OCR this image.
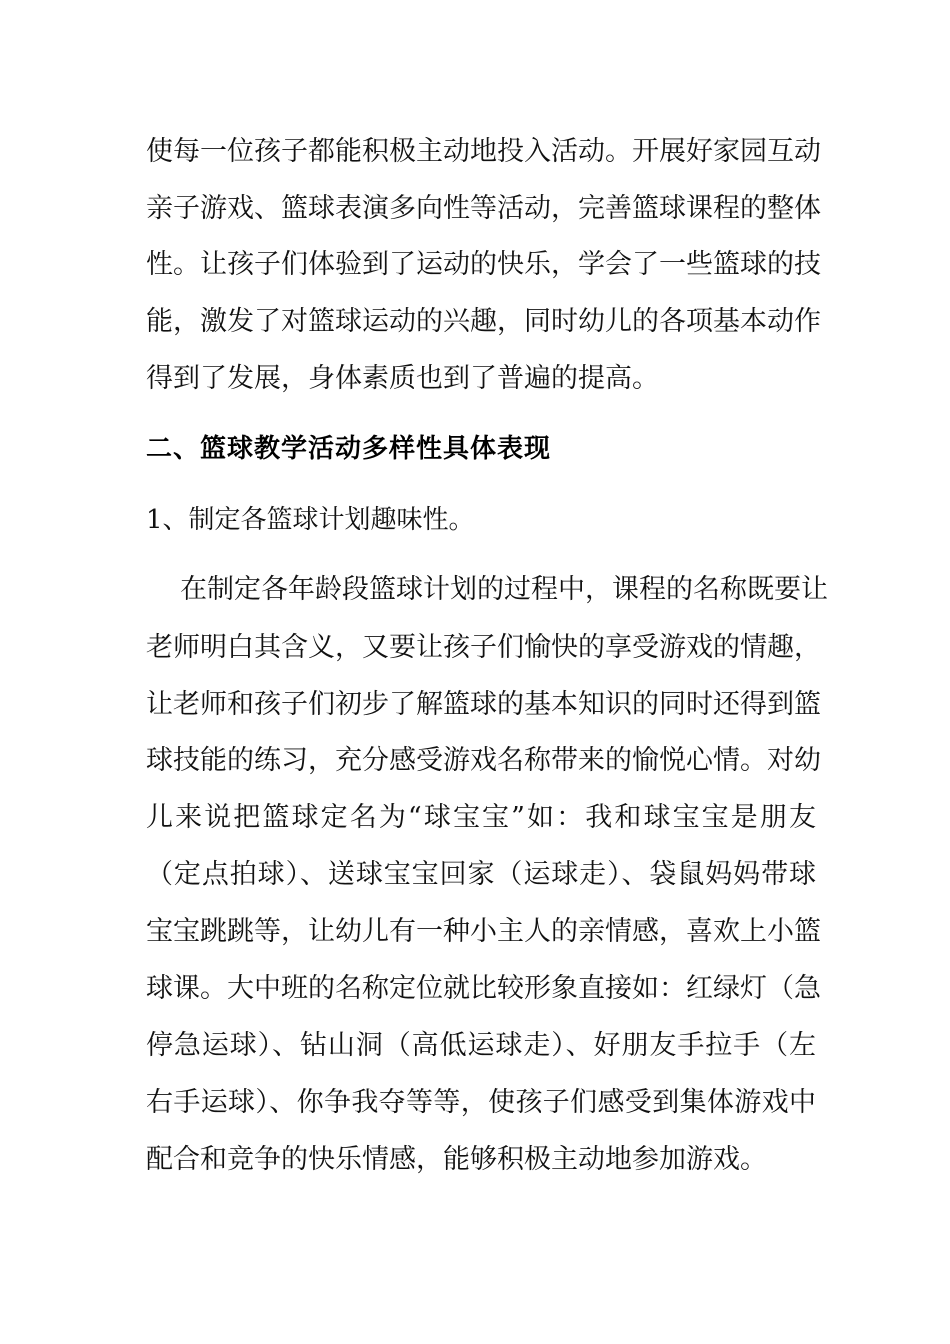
使每一位孩子都能积极主动地投入活动。开展好家园互动
亲子游戏、篮球表演多向性等活动，完善篮球课程的整体
性。让孩子们体验到了运动的快乐，学会了一些篮球的技
能，激发了对篮球运动的兴趣，同时幼儿的各项基本动作
得到了发展，身体素质也到了普遍的提高。
二、篮球教学活动多样性具体表现
1、制定各篮球计划趣味性。
在制定各年龄段篮球计划的过程中，课程的名称既要让
老师明白其含义，又要让孩子们愉快的享受游戏的情趣，
让老师和孩子们初步了解篮球的基本知识的同时还得到篮
球技能的练习，充分感受游戏名称带来的愉悦心情。对幼
儿来说把篮球定名为“球宝宝”如：我和球宝宝是朋友
（定点拍球）、送球宝宝回家（运球走）、袋鼠妈妈带球
宝宝跳跳等，让幼儿有一种小主人的亲情感，喜欢上小篮
球课。大中班的名称定位就比较形象直接如：红绿灯（急
停急运球）、钻山洞（高低运球走）、好朋友手拉手（左
右手运球）、你争我夺等等，使孩子们感受到集体游戏中
配合和竞争的快乐情感，能够积极主动地参加游戏。
